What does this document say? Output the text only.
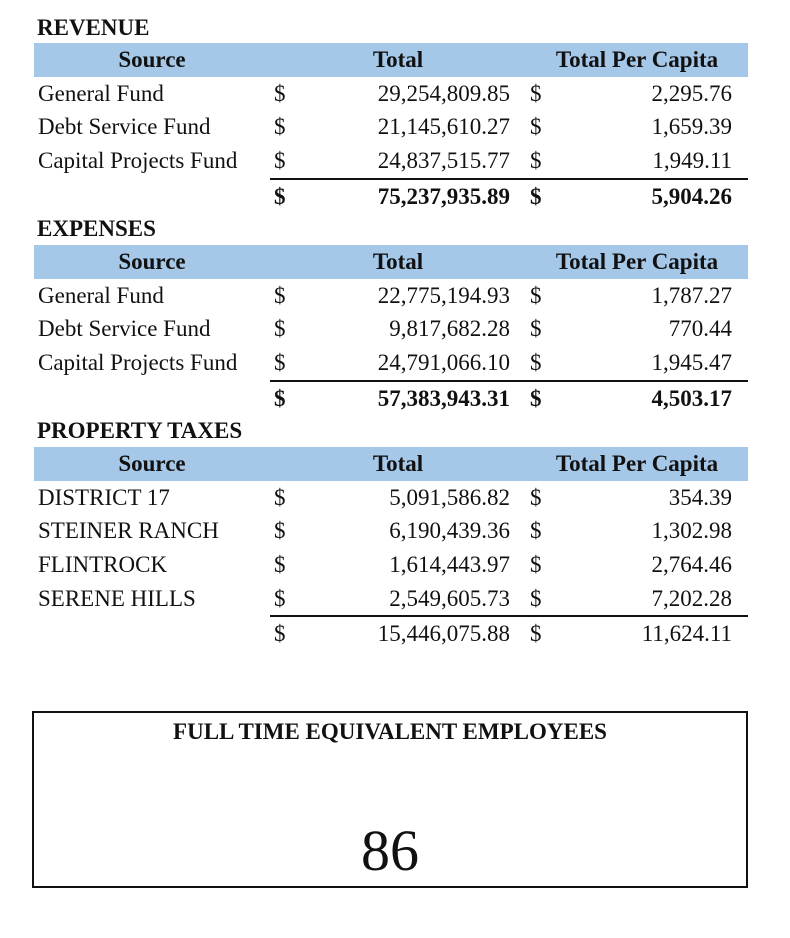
REVENUE
Source	Total		Total Per Capita	
General Fund	$	29,254,809.85	$	2,295.76
Debt Service Fund	$	21,145,610.27	$	1,659.39
Capital Projects Fund	$	24,837,515.77	$	1,949.11
	$	75,237,935.89	$	5,904.26
EXPENSES
Source	Total		Total Per Capita	
General Fund	$	22,775,194.93	$	1,787.27
Debt Service Fund	$	9,817,682.28	$	770.44
Capital Projects Fund	$	24,791,066.10	$	1,945.47
	$	57,383,943.31	$	4,503.17
PROPERTY TAXES
Source	Total		Total Per Capita	
DISTRICT 17	$	5,091,586.82	$	354.39
STEINER RANCH	$	6,190,439.36	$	1,302.98
FLINTROCK	$	1,614,443.97	$	2,764.46
SERENE HILLS	$	2,549,605.73	$	7,202.28
	$	15,446,075.88	$	11,624.11
FULL TIME EQUIVALENT EMPLOYEES
86
